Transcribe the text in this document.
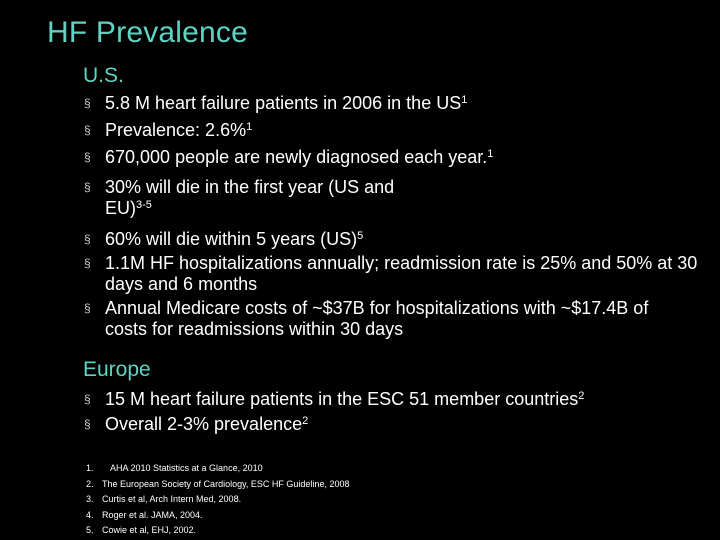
HF Prevalence
U.S.
§ 5.8 M heart failure patients in 2006 in the $US^1$
§ Prevalence: 2.6%$^1$
§ 670,000 people are newly diagnosed each year.$^1$
§ 30% will die in the first year (US and EU)$^{3-5}$
§ 60% will die within 5 years (US)$^5$
§ 1.1M HF hospitalizations annually; readmission rate is 25% and 50% at 30 days and 6 months
§ Annual Medicare costs of ~$37B for hospitalizations with ~$17.4B of costs for readmissions within 30 days
Europe
§ 15 M heart failure patients in the ESC 51 member countries$^2$
§ Overall 2-3% prevalence$^2$
1. AHA 2010 Statistics at a Glance, 2010
2. The European Society of Cardiology, ESC HF Guideline, 2008
3. Curtis et al, Arch Intern Med, 2008.
4. Roger et al. JAMA, 2004.
5. Cowie et al, EHJ, 2002.
